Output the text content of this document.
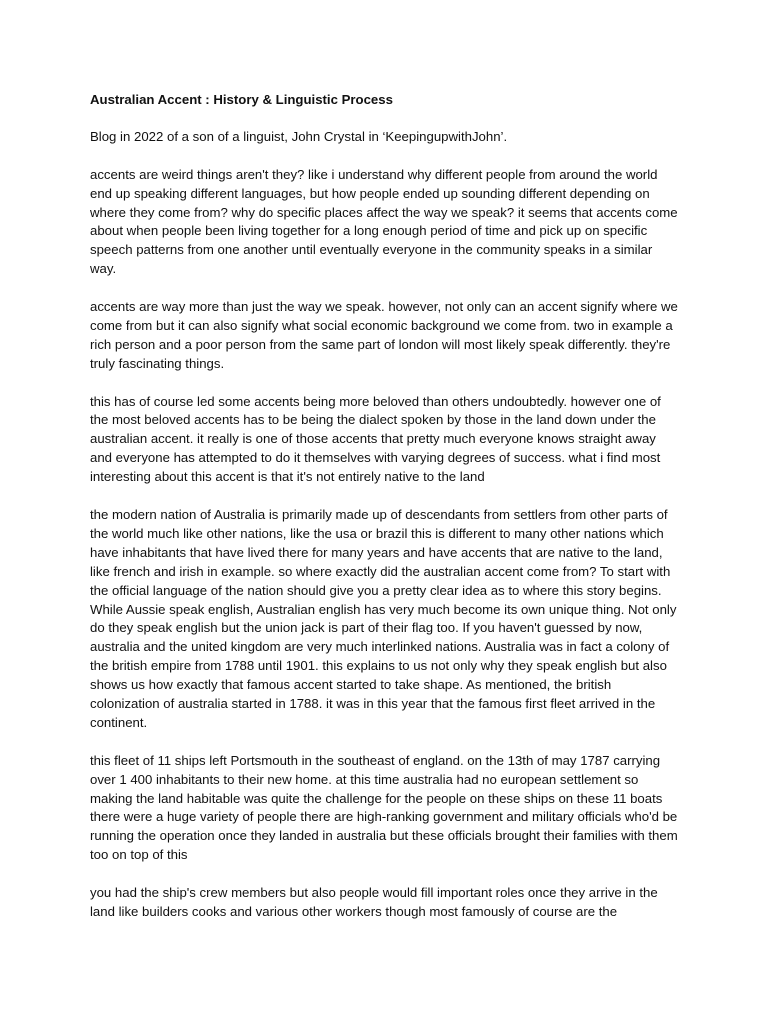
Australian Accent : History & Linguistic Process

Blog in 2022 of a son of a linguist, John Crystal in ‘KeepingupwithJohn’.

accents are weird things aren't they? like i understand why different people from around the world end up speaking different languages, but how people ended up sounding different depending on where they come from? why do specific places affect the way we speak? it seems that accents come about when people been living together for a long enough period of time and pick up on specific speech patterns from one another until eventually everyone in the community speaks in a similar way.

accents are way more than just the way we speak. however, not only can an accent signify where we come from but it can also signify what social economic background we come from. two in example a rich person and a poor person from the same part of london will most likely speak differently. they're truly fascinating things.

this has of course led some accents being more beloved than others undoubtedly. however one of the most beloved accents has to be being the dialect spoken by those in the land down under the australian accent. it really is one of those accents that pretty much everyone knows straight away and everyone has attempted to do it themselves with varying degrees of success. what i find most interesting about this accent is that it's not entirely native to the land

the modern nation of Australia is primarily made up of descendants from settlers from other parts of the world much like other nations, like the usa or brazil this is different to many other nations which have inhabitants that have lived there for many years and have accents that are native to the land, like french and irish in example. so where exactly did the australian accent come from? To start with the official language of the nation should give you a pretty clear idea as to where this story begins. While Aussie speak english, Australian english has very much become its own unique thing. Not only do they speak english but the union jack is part of their flag too. If you haven't guessed by now, australia and the united kingdom are very much interlinked nations. Australia was in fact a colony of the british empire from 1788 until 1901. this explains to us not only why they speak english but also shows us how exactly that famous accent started to take shape. As mentioned, the british colonization of australia started in 1788. it was in this year that the famous first fleet arrived in the continent.

this fleet of 11 ships left Portsmouth in the southeast of england. on the 13th of may 1787 carrying over 1 400 inhabitants to their new home. at this time australia had no european settlement so making the land habitable was quite the challenge for the people on these ships on these 11 boats there were a huge variety of people there are high-ranking government and military officials who'd be running the operation once they landed in australia but these officials brought their families with them too on top of this

you had the ship's crew members but also people would fill important roles once they arrive in the land like builders cooks and various other workers though most famously of course are the
